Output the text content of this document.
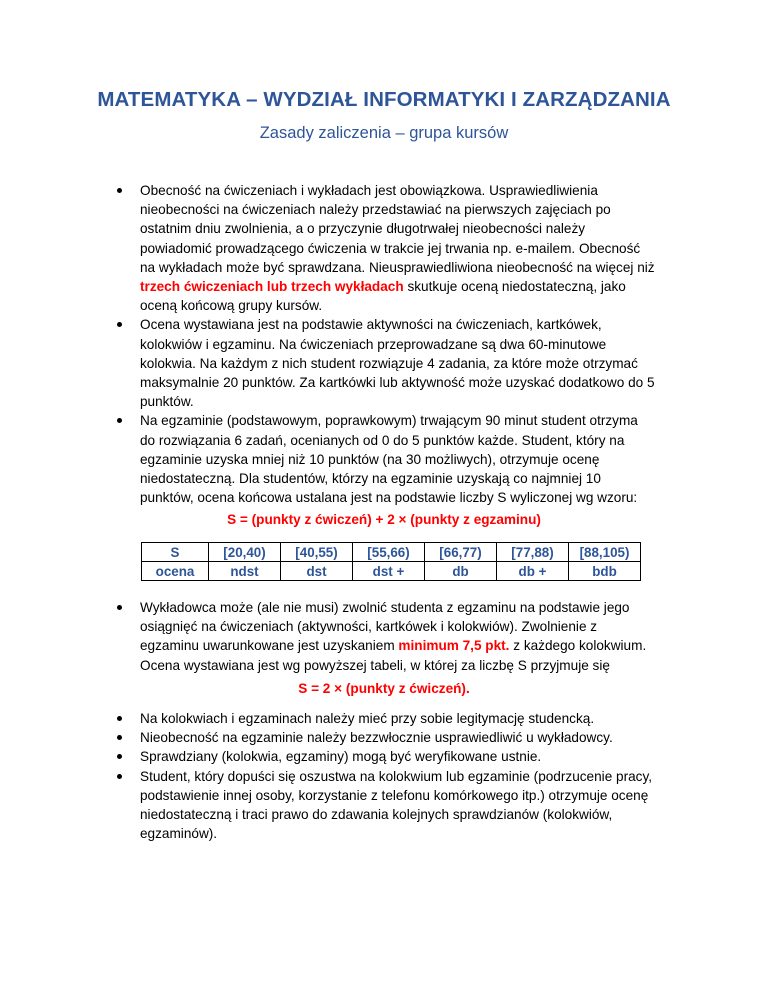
MATEMATYKA – WYDZIAŁ INFORMATYKI I ZARZĄDZANIA
Zasady zaliczenia – grupa kursów
Obecność na ćwiczeniach i wykładach jest obowiązkowa. Usprawiedliwienia nieobecności na ćwiczeniach należy przedstawiać na pierwszych zajęciach po ostatnim dniu zwolnienia, a o przyczynie długotrwałej nieobecności należy powiadomić prowadzącego ćwiczenia w trakcie jej trwania np. e-mailem. Obecność na wykładach może być sprawdzana. Nieusprawiedliwiona nieobecność na więcej niż trzech ćwiczeniach lub trzech wykładach skutkuje oceną niedostateczną, jako oceną końcową grupy kursów.
Ocena wystawiana jest na podstawie aktywności na ćwiczeniach, kartkówek, kolokwiów i egzaminu. Na ćwiczeniach przeprowadzane są dwa 60-minutowe kolokwia. Na każdym z nich student rozwiązuje 4 zadania, za które może otrzymać maksymalnie 20 punktów. Za kartkówki lub aktywność może uzyskać dodatkowo do 5 punktów.
Na egzaminie (podstawowym, poprawkowym) trwającym 90 minut student otrzyma do rozwiązania 6 zadań, ocenianych od 0 do 5 punktów każde. Student, który na egzaminie uzyska mniej niż 10 punktów (na 30 możliwych), otrzymuje ocenę niedostateczną. Dla studentów, którzy na egzaminie uzyskają co najmniej 10 punktów, ocena końcowa ustalana jest na podstawie liczby S wyliczonej wg wzoru:
S = (punkty z ćwiczeń) + 2 × (punkty z egzaminu)
S	[20,40)	[40,55)	[55,66)	[66,77)	[77,88)	[88,105)
ocena	ndst	dst	dst +	db	db +	bdb
Wykładowca może (ale nie musi) zwolnić studenta z egzaminu na podstawie jego osiągnięć na ćwiczeniach (aktywności, kartkówek i kolokwiów). Zwolnienie z egzaminu uwarunkowane jest uzyskaniem minimum 7,5 pkt. z każdego kolokwium. Ocena wystawiana jest wg powyższej tabeli, w której za liczbę S przyjmuje się
S = 2 × (punkty z ćwiczeń).
Na kolokwiach i egzaminach należy mieć przy sobie legitymację studencką.
Nieobecność na egzaminie należy bezzwłocznie usprawiedliwić u wykładowcy.
Sprawdziany (kolokwia, egzaminy) mogą być weryfikowane ustnie.
Student, który dopuści się oszustwa na kolokwium lub egzaminie (podrzucenie pracy, podstawienie innej osoby, korzystanie z telefonu komórkowego itp.) otrzymuje ocenę niedostateczną i traci prawo do zdawania kolejnych sprawdzianów (kolokwiów, egzaminów).
